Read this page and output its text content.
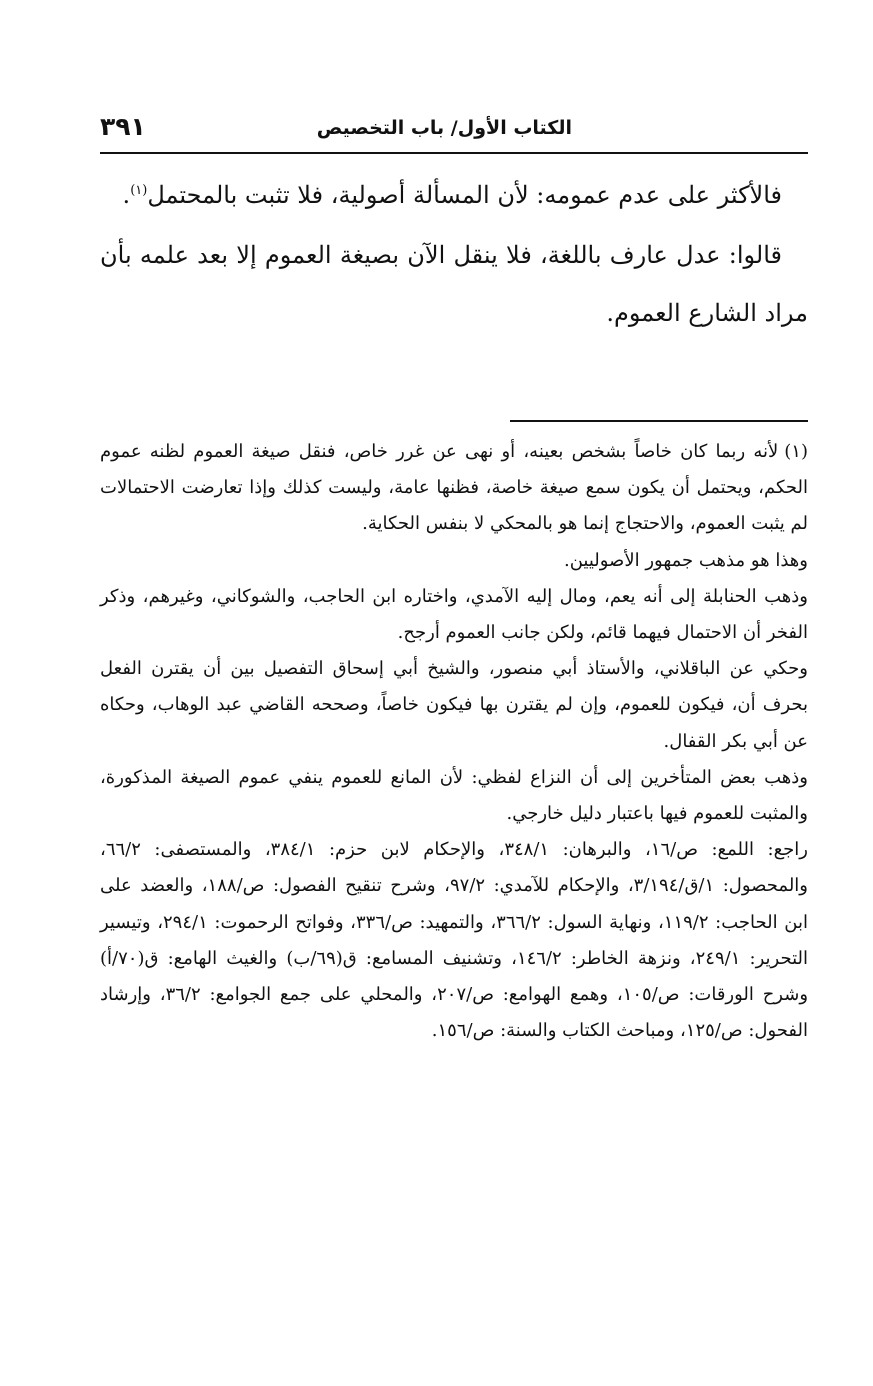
الكتاب الأول/ باب التخصيص
٣٩١

فالأكثر على عدم عمومه: لأن المسألة أصولية، فلا تثبت بالمحتمل$^{(١)}$.

قالوا: عدل عارف باللغة، فلا ينقل الآن بصيغة العموم إلا بعد علمه بأن مراد الشارع العموم.

(١)لأنه ربما كان خاصاً بشخص بعينه، أو نهى عن غرر خاص، فنقل صيغة العموم لظنه عموم الحكم، ويحتمل أن يكون سمع صيغة خاصة، فظنها عامة، وليست كذلك وإذا تعارضت الاحتمالات لم يثبت العموم، والاحتجاج إنما هو بالمحكي لا بنفس الحكاية.

وهذا هو مذهب جمهور الأصوليين.

وذهب الحنابلة إلى أنه يعم، ومال إليه الآمدي، واختاره ابن الحاجب، والشوكاني، وغيرهم، وذكر الفخر أن الاحتمال فيهما قائم، ولكن جانب العموم أرجح.

وحكي عن الباقلاني، والأستاذ أبي منصور، والشيخ أبي إسحاق التفصيل بين أن يقترن الفعل بحرف أن، فيكون للعموم، وإن لم يقترن بها فيكون خاصاً، وصححه القاضي عبد الوهاب، وحكاه عن أبي بكر القفال.

وذهب بعض المتأخرين إلى أن النزاع لفظي: لأن المانع للعموم ينفي عموم الصيغة المذكورة، والمثبت للعموم فيها باعتبار دليل خارجي.

راجع: اللمع: ص/١٦، والبرهان: ٣٤٨/١، والإحكام لابن حزم: ٣٨٤/١، والمستصفى: ٦٦/٢، والمحصول: ١/ق/٣/١٩٤، والإحكام للآمدي: ٩٧/٢، وشرح تنقيح الفصول: ص/١٨٨، والعضد على ابن الحاجب: ١١٩/٢، ونهاية السول: ٣٦٦/٢، والتمهيد: ص/٣٣٦، وفواتح الرحموت: ٢٩٤/١، وتيسير التحرير: ٢٤٩/١، ونزهة الخاطر: ١٤٦/٢، وتشنيف المسامع: ق(٦٩/ب) والغيث الهامع: ق(٧٠/أ) وشرح الورقات: ص/١٠٥، وهمع الهوامع: ص/٢٠٧، والمحلي على جمع الجوامع: ٣٦/٢، وإرشاد الفحول: ص/١٢٥، ومباحث الكتاب والسنة: ص/١٥٦.
